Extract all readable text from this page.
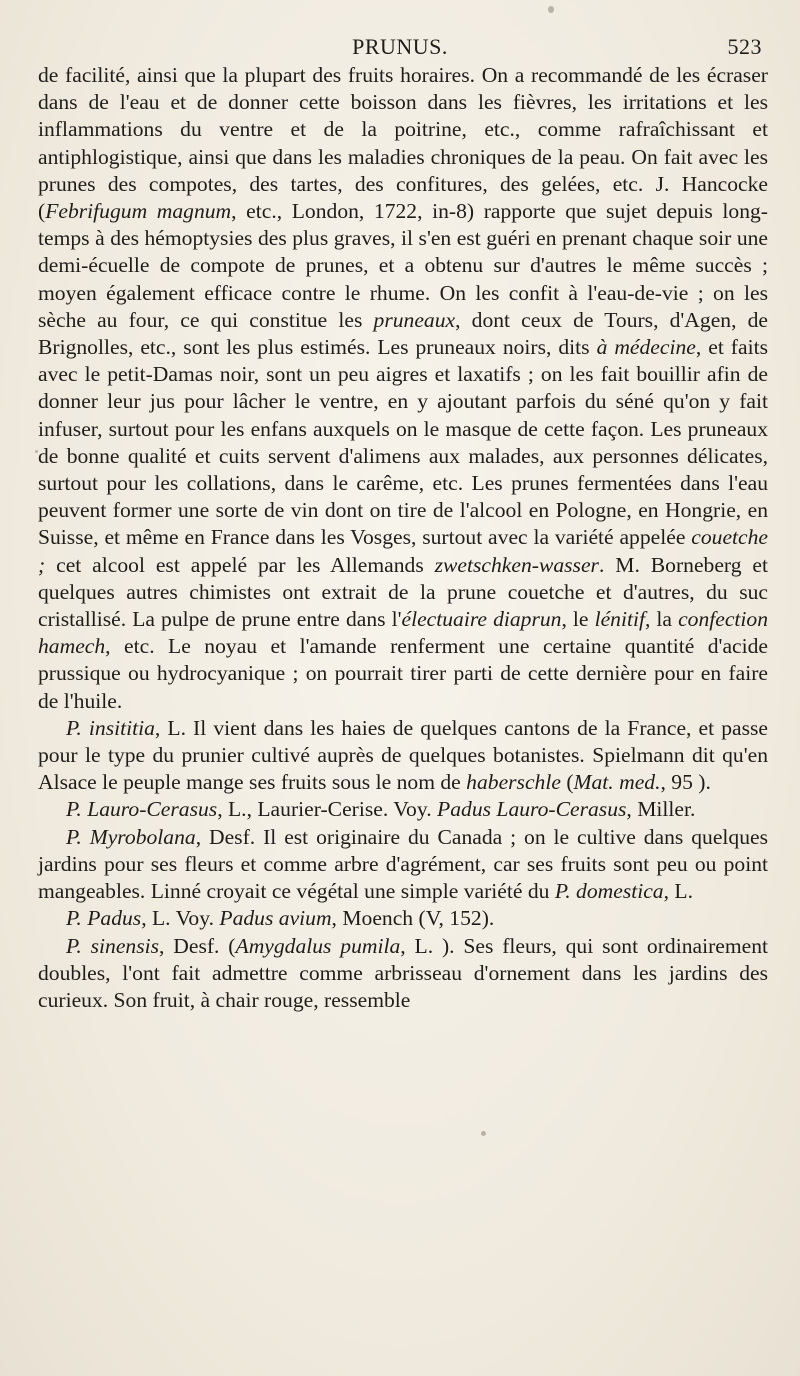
PRUNUS.	523

de facilité, ainsi que la plupart des fruits horaires. On a recommandé de les écraser dans de l'eau et de donner cette boisson dans les fièvres, les irritations et les inflammations du ventre et de la poitrine, etc., comme rafraîchissant et antiphlogistique, ainsi que dans les maladies chroniques de la peau. On fait avec les prunes des compotes, des tartes, des confitures, des gelées, etc. J. Hancocke (Febrifugum magnum, etc., London, 1722, in-8) rapporte que sujet depuis long-temps à des hémoptysies des plus graves, il s'en est guéri en prenant chaque soir une demi-écuelle de compote de prunes, et a obtenu sur d'autres le même succès ; moyen également efficace contre le rhume. On les confit à l'eau-de-vie ; on les sèche au four, ce qui constitue les pruneaux, dont ceux de Tours, d'Agen, de Brignolles, etc., sont les plus estimés. Les pruneaux noirs, dits à médecine, et faits avec le petit-Damas noir, sont un peu aigres et laxatifs ; on les fait bouillir afin de donner leur jus pour lâcher le ventre, en y ajoutant parfois du séné qu'on y fait infuser, surtout pour les enfans auxquels on le masque de cette façon. Les pruneaux de bonne qualité et cuits servent d'alimens aux malades, aux personnes délicates, surtout pour les collations, dans le carême, etc. Les prunes fermentées dans l'eau peuvent former une sorte de vin dont on tire de l'alcool en Pologne, en Hongrie, en Suisse, et même en France dans les Vosges, surtout avec la variété appelée couetche ; cet alcool est appelé par les Allemands zwetschken-wasser. M. Borneberg et quelques autres chimistes ont extrait de la prune couetche et d'autres, du suc cristallisé. La pulpe de prune entre dans l'électuaire diaprun, le lénitif, la confection hamech, etc. Le noyau et l'amande renferment une certaine quantité d'acide prussique ou hydrocyanique ; on pourrait tirer parti de cette dernière pour en faire de l'huile.

P. insititia, L. Il vient dans les haies de quelques cantons de la France, et passe pour le type du prunier cultivé auprès de quelques botanistes. Spielmann dit qu'en Alsace le peuple mange ses fruits sous le nom de haberschle (Mat. med., 95 ).

P. Lauro-Cerasus, L., Laurier-Cerise. Voy. Padus Lauro-Cerasus, Miller.

P. Myrobolana, Desf. Il est originaire du Canada ; on le cultive dans quelques jardins pour ses fleurs et comme arbre d'agrément, car ses fruits sont peu ou point mangeables. Linné croyait ce végétal une simple variété du P. domestica, L.

P. Padus, L. Voy. Padus avium, Moench (V, 152).

P. sinensis, Desf. (Amygdalus pumila, L. ). Ses fleurs, qui sont ordinairement doubles, l'ont fait admettre comme arbrisseau d'ornement dans les jardins des curieux. Son fruit, à chair rouge, ressemble
